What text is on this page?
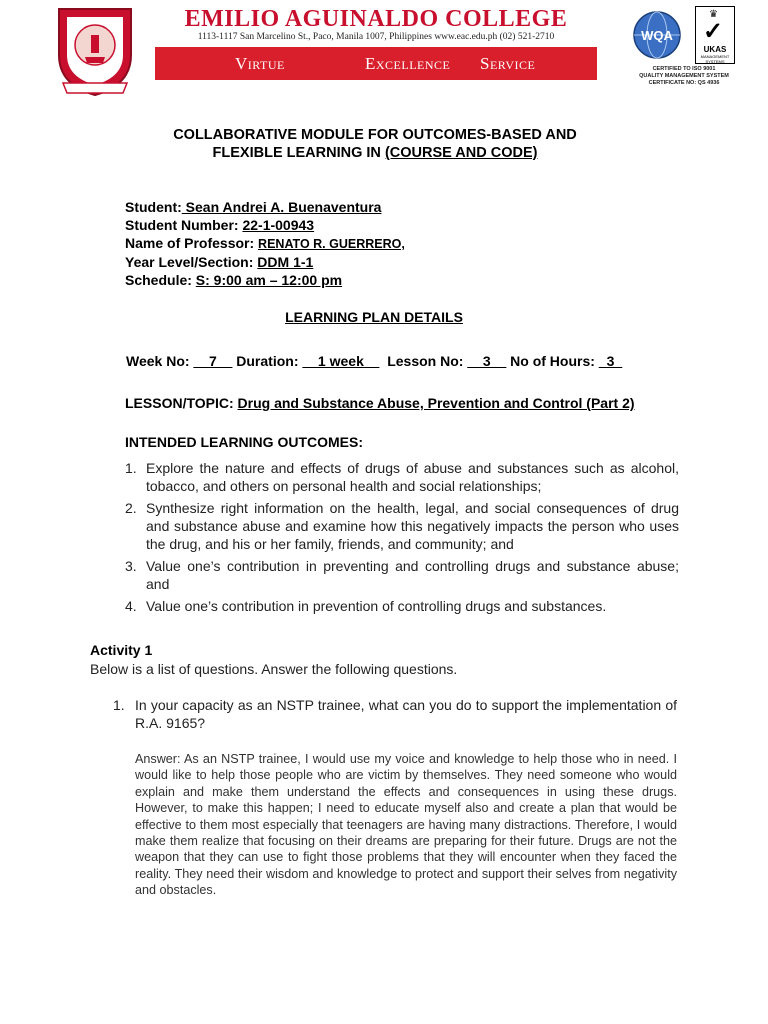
EMILIO AGUINALDO COLLEGE
1113-1117 San Marcelino St., Paco, Manila 1007, Philippines www.eac.edu.ph (02) 521-2710
Virtue	Excellence Service
WQA
♛
✓
UKAS
MANAGEMENT SYSTEMS
CERTIFIED TO ISO 9001
QUALITY MANAGEMENT SYSTEM
CERTIFICATE NO: QS 4936
COLLABORATIVE MODULE FOR OUTCOMES-BASED AND
FLEXIBLE LEARNING IN (COURSE AND CODE)
Student: Sean Andrei A. Buenaventura
Student Number: 22-1-00943
Name of Professor: RENATO R. GUERRERO,
Year Level/Section: DDM 1-1
Schedule: S: 9:00 am – 12:00 pm
LEARNING PLAN DETAILS
Week No: __7__ Duration:     1 week      Lesson No: __3__ No of Hours: _3_
LESSON/TOPIC: Drug and Substance Abuse, Prevention and Control (Part 2)
INTENDED LEARNING OUTCOMES:
1. Explore the nature and effects of drugs of abuse and substances such as alcohol, tobacco, and others on personal health and social relationships;
2. Synthesize right information on the health, legal, and social consequences of drug and substance abuse and examine how this negatively impacts the person who uses the drug, and his or her family, friends, and community; and
3. Value one’s contribution in preventing and controlling drugs and substance abuse; and
4. Value one’s contribution in prevention of controlling drugs and substances.
Activity 1
Below is a list of questions. Answer the following questions.
1. In your capacity as an NSTP trainee, what can you do to support the implementation of R.A. 9165?
Answer: As an NSTP trainee, I would use my voice and knowledge to help those who in need. I would like to help those people who are victim by themselves. They need someone who would explain and make them understand the effects and consequences in using these drugs. However, to make this happen; I need to educate myself also and create a plan that would be effective to them most especially that teenagers are having many distractions. Therefore, I would make them realize that focusing on their dreams are preparing for their future. Drugs are not the weapon that they can use to fight those problems that they will encounter when they faced the reality. They need their wisdom and knowledge to protect and support their selves from negativity and obstacles.
